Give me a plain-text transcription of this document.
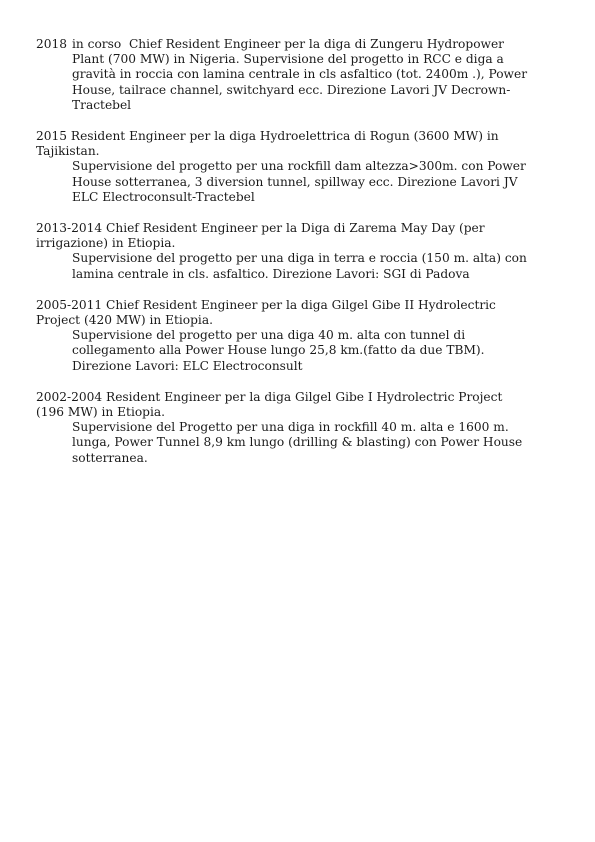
2018 in corso  Chief Resident Engineer per la diga di Zungeru Hydropower
Plant (700 MW) in Nigeria. Supervisione del progetto in RCC e diga a
gravità in roccia con lamina centrale in cls asfaltico (tot. 2400m .), Power
House, tailrace channel, switchyard ecc. Direzione Lavori JV Decrown-
Tractebel
2015 Resident Engineer per la diga Hydroelettrica di Rogun (3600 MW) in
Tajikistan.
Supervisione del progetto per una rockfill dam altezza>300m. con Power
House sotterranea, 3 diversion tunnel, spillway ecc. Direzione Lavori JV
ELC Electroconsult-Tractebel
2013-2014 Chief Resident Engineer per la Diga di Zarema May Day (per
irrigazione) in Etiopia.
Supervisione del progetto per una diga in terra e roccia (150 m. alta) con
lamina centrale in cls. asfaltico. Direzione Lavori: SGI di Padova
2005-2011 Chief Resident Engineer per la diga Gilgel Gibe II Hydrolectric
Project (420 MW) in Etiopia.
Supervisione del progetto per una diga 40 m. alta con tunnel di
collegamento alla Power House lungo 25,8 km.(fatto da due TBM).
Direzione Lavori: ELC Electroconsult
2002-2004 Resident Engineer per la diga Gilgel Gibe I Hydrolectric Project
(196 MW) in Etiopia.
Supervisione del Progetto per una diga in rockfill 40 m. alta e 1600 m.
lunga, Power Tunnel 8,9 km lungo (drilling & blasting) con Power House
sotterranea.
